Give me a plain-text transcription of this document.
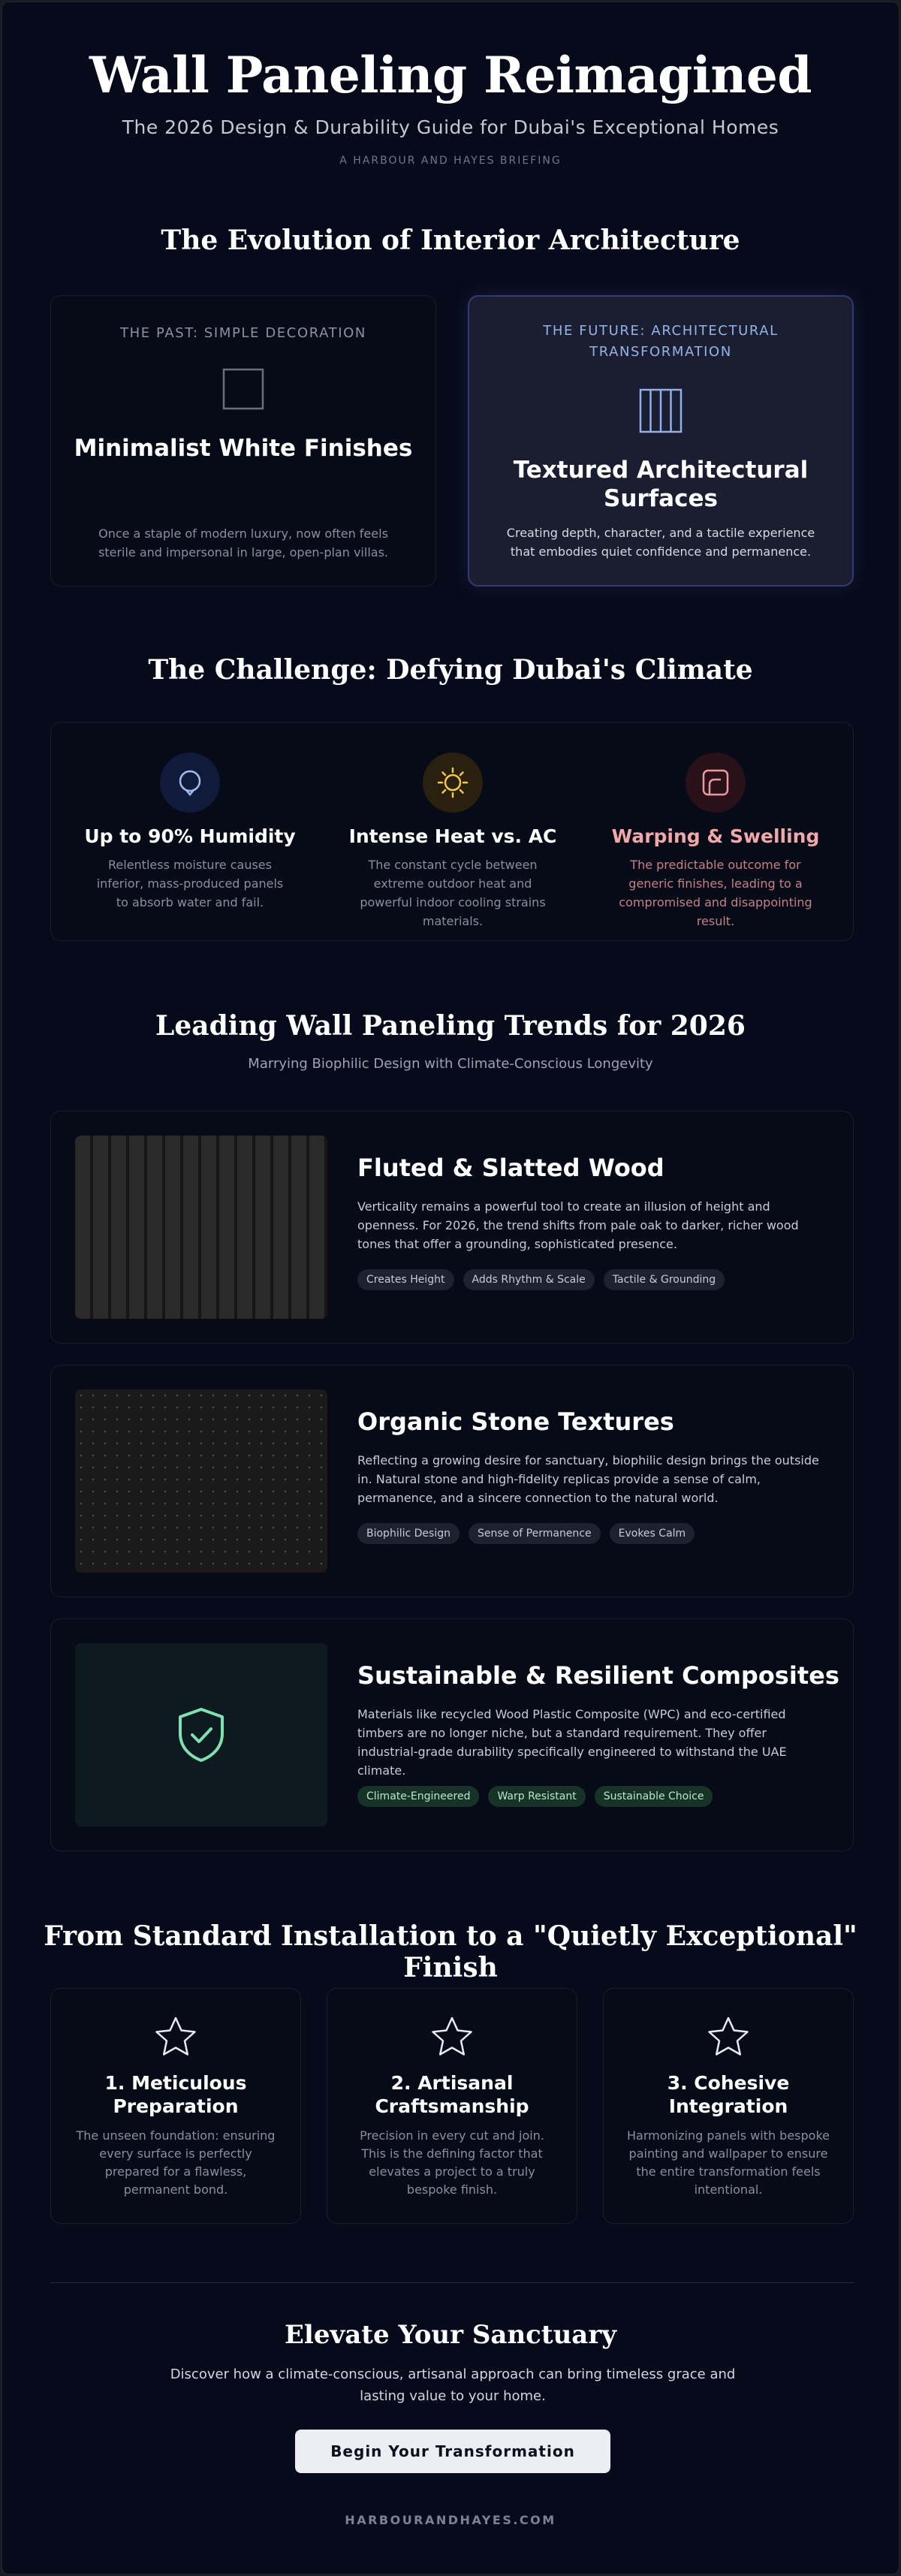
Wall Paneling Reimagined
The 2026 Design & Durability Guide for Dubai's Exceptional Homes
A HARBOUR AND HAYES BRIEFING
The Evolution of Interior Architecture
THE PAST: SIMPLE DECORATION
Minimalist White Finishes
Once a staple of modern luxury, now often feels sterile and impersonal in large, open-plan villas.
THE FUTURE: ARCHITECTURAL TRANSFORMATION
Textured Architectural Surfaces
Creating depth, character, and a tactile experience that embodies quiet confidence and permanence.
The Challenge: Defying Dubai's Climate
Up to 90% Humidity
Relentless moisture causes inferior, mass-produced panels to absorb water and fail.
Intense Heat vs. AC
The constant cycle between extreme outdoor heat and powerful indoor cooling strains materials.
Warping & Swelling
The predictable outcome for generic finishes, leading to a compromised and disappointing result.
Leading Wall Paneling Trends for 2026
Marrying Biophilic Design with Climate-Conscious Longevity
Fluted & Slatted Wood
Verticality remains a powerful tool to create an illusion of height and openness. For 2026, the trend shifts from pale oak to darker, richer wood tones that offer a grounding, sophisticated presence.
Creates Height	Adds Rhythm & Scale	Tactile & Grounding
Organic Stone Textures
Reflecting a growing desire for sanctuary, biophilic design brings the outside in. Natural stone and high-fidelity replicas provide a sense of calm, permanence, and a sincere connection to the natural world.
Biophilic Design	Sense of Permanence	Evokes Calm
Sustainable & Resilient Composites
Materials like recycled Wood Plastic Composite (WPC) and eco-certified timbers are no longer niche, but a standard requirement. They offer industrial-grade durability specifically engineered to withstand the UAE climate.
Climate-Engineered	Warp Resistant	Sustainable Choice
From Standard Installation to a "Quietly Exceptional" Finish
1. Meticulous Preparation
The unseen foundation: ensuring every surface is perfectly prepared for a flawless, permanent bond.
2. Artisanal Craftsmanship
Precision in every cut and join. This is the defining factor that elevates a project to a truly bespoke finish.
3. Cohesive Integration
Harmonizing panels with bespoke painting and wallpaper to ensure the entire transformation feels intentional.
Elevate Your Sanctuary
Discover how a climate-conscious, artisanal approach can bring timeless grace and lasting value to your home.
Begin Your Transformation
HARBOURANDHAYES.COM
